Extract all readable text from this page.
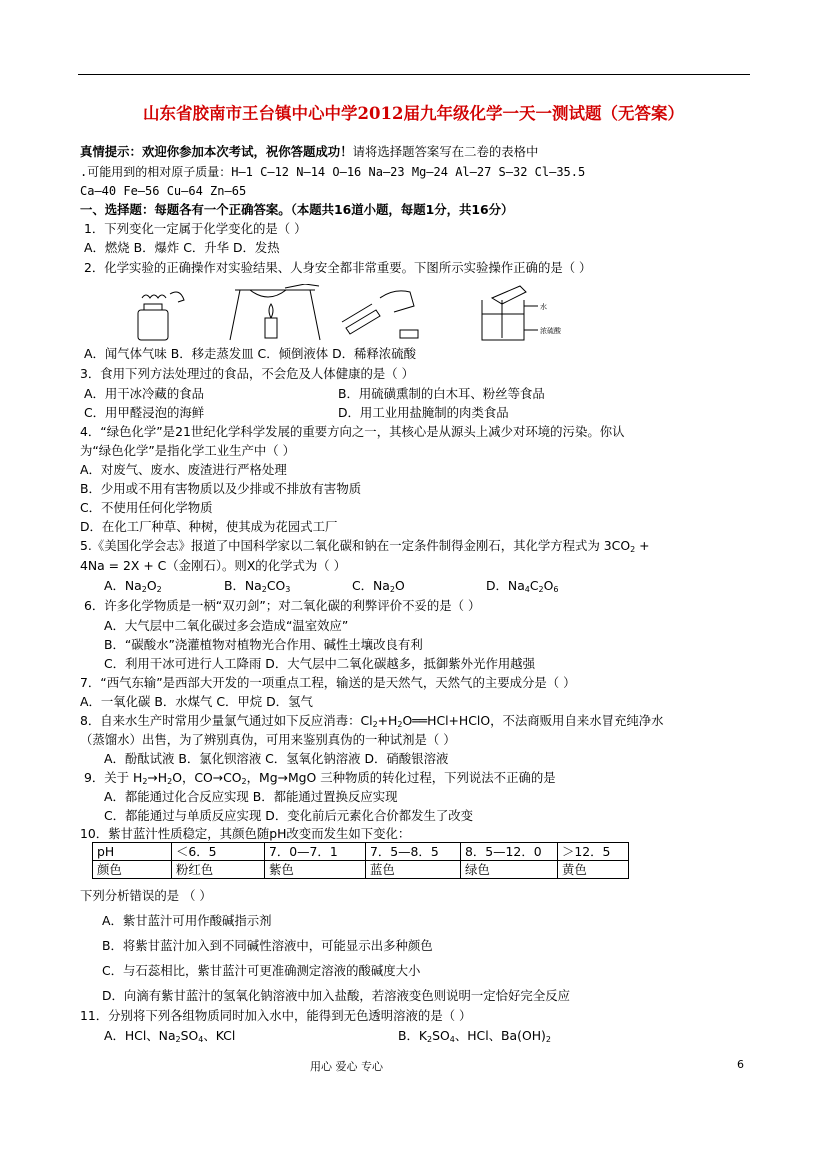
山东省胶南市王台镇中心中学2012届九年级化学一天一测试题（无答案）
真情提示：欢迎你参加本次考试，祝你答题成功！请将选择题答案写在二卷的表格中
.可能用到的相对原子质量：H—1 C—12 N—14 O—16 Na—23 Mg—24 Al—27 S—32 Cl—35.5
Ca—40 Fe—56 Cu—64 Zn—65
一、选择题：每题各有一个正确答案。（本题共16道小题，每题1分，共16分）
1．下列变化一定属于化学变化的是（ ）
A．燃烧 B．爆炸 C．升华 D．发热
2．化学实验的正确操作对实验结果、人身安全都非常重要。下图所示实验操作正确的是（ ）
水
浓硫酸
A．闻气体气味 B．移走蒸发皿 C．倾倒液体 D．稀释浓硫酸
3．食用下列方法处理过的食品，不会危及人体健康的是（ ）
A．用干冰冷藏的食品	B．用硫磺熏制的白木耳、粉丝等食品
C．用甲醛浸泡的海鲜	D．用工业用盐腌制的肉类食品
4．“绿色化学”是21世纪化学科学发展的重要方向之一，其核心是从源头上减少对环境的污染。你认
为“绿色化学”是指化学工业生产中（ ）
A．对废气、废水、废渣进行严格处理
B．少用或不用有害物质以及少排或不排放有害物质
C．不使用任何化学物质
D．在化工厂种草、种树，使其成为花园式工厂
5.《美国化学会志》报道了中国科学家以二氧化碳和钠在一定条件制得金刚石，其化学方程式为 $3CO_2$ +
4Na = 2X + C（金刚石）。则X的化学式为（ ）
A．$Na_2O_2$	B．$Na_2CO_3$	C．$Na_2O$	D．$Na_4C_2O_6$
6．许多化学物质是一柄“双刃剑”；对二氧化碳的利弊评价不妥的是（ ）
A．大气层中二氧化碳过多会造成“温室效应”
B．“碳酸水”浇灌植物对植物光合作用、碱性土壤改良有利
C．利用干冰可进行人工降雨 D．大气层中二氧化碳越多，抵御紫外光作用越强
7．“西气东输”是西部大开发的一项重点工程，输送的是天然气，天然气的主要成分是（ ）
A．一氧化碳 B．水煤气 C．甲烷 D．氢气
8．自来水生产时常用少量氯气通过如下反应消毒：$Cl_2+H_2O══HCl+HClO$，不法商贩用自来水冒充纯净水
（蒸馏水）出售，为了辨别真伪，可用来鉴别真伪的一种试剂是（ ）
A．酚酞试液 B．氯化钡溶液 C．氢氧化钠溶液 D．硝酸银溶液
9．关于 $H_2\to H_2O$，$CO\to CO_2$，Mg→MgO 三种物质的转化过程，下列说法不正确的是
A．都能通过化合反应实现 B．都能通过置换反应实现
C．都能通过与单质反应实现 D．变化前后元素化合价都发生了改变
10．紫甘蓝汁性质稳定，其颜色随pH改变而发生如下变化：
pH	＜6．5	7．0—7．1	7．5—8．5	8．5—12．0	＞12．5
颜色	粉红色	紫色	蓝色	绿色	黄色
下列分析错误的是 （ ）
A．紫甘蓝汁可用作酸碱指示剂
B．将紫甘蓝汁加入到不同碱性溶液中，可能显示出多种颜色
C．与石蕊相比，紫甘蓝汁可更准确测定溶液的酸碱度大小
D．向滴有紫甘蓝汁的氢氧化钠溶液中加入盐酸，若溶液变色则说明一定恰好完全反应
11．分别将下列各组物质同时加入水中，能得到无色透明溶液的是（ ）
A．HCl、$Na_2SO_4$、KCl	B．$K_2SO_4$、HCl、$Ba(OH)_2$
用心 爱心 专心	6
